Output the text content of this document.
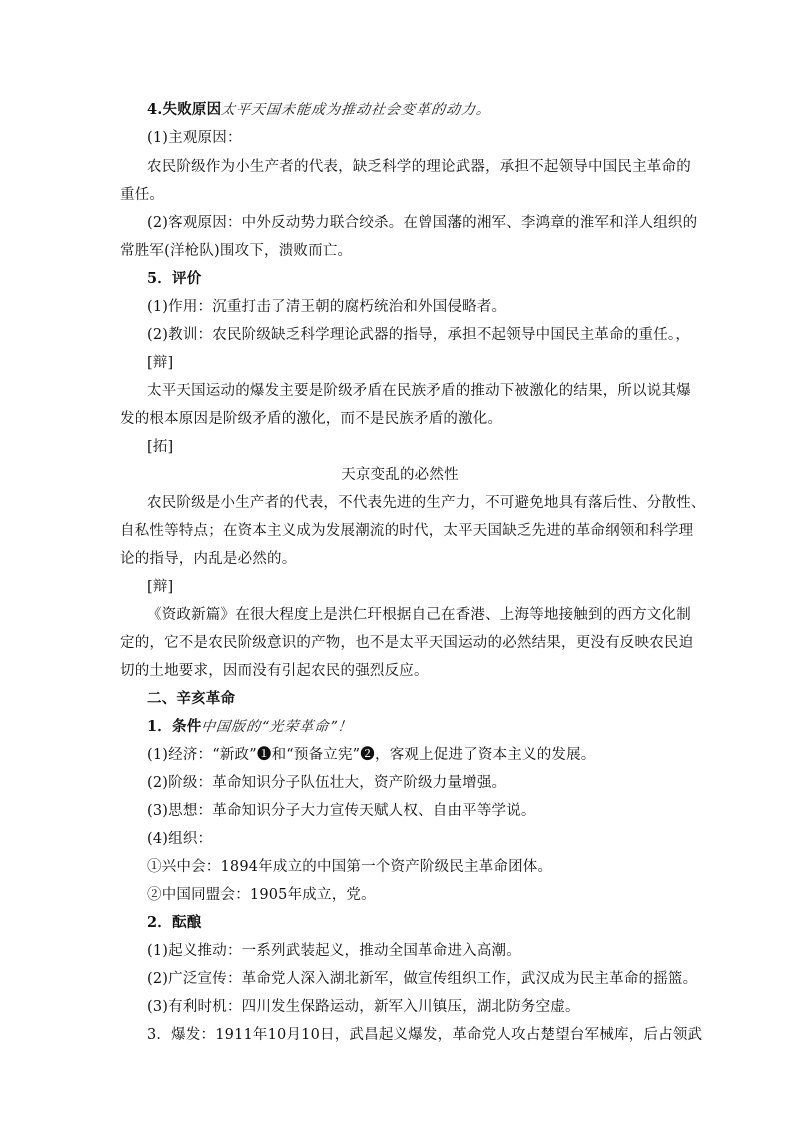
4.失败原因太平天国未能成为推动社会变革的动力。
(1)主观原因：
农民阶级作为小生产者的代表，缺乏科学的理论武器，承担不起领导中国民主革命的
重任。
(2)客观原因：中外反动势力联合绞杀。在曾国藩的湘军、李鸿章的淮军和洋人组织的
常胜军(洋枪队)围攻下，溃败而亡。
5．评价
(1)作用：沉重打击了清王朝的腐朽统治和外国侵略者。
(2)教训：农民阶级缺乏科学理论武器的指导，承担不起领导中国民主革命的重任。，
[辩]
太平天国运动的爆发主要是阶级矛盾在民族矛盾的推动下被激化的结果，所以说其爆
发的根本原因是阶级矛盾的激化，而不是民族矛盾的激化。
[拓]
天京变乱的必然性
农民阶级是小生产者的代表，不代表先进的生产力，不可避免地具有落后性、分散性、
自私性等特点；在资本主义成为发展潮流的时代，太平天国缺乏先进的革命纲领和科学理
论的指导，内乱是必然的。
[辩]
《资政新篇》在很大程度上是洪仁玕根据自己在香港、上海等地接触到的西方文化制
定的，它不是农民阶级意识的产物，也不是太平天国运动的必然结果，更没有反映农民迫
切的土地要求，因而没有引起农民的强烈反应。
二、辛亥革命
1．条件中国版的“光荣革命”！
(1)经济：“新政”❶和“预备立宪”❷，客观上促进了资本主义的发展。
(2)阶级：革命知识分子队伍壮大，资产阶级力量增强。
(3)思想：革命知识分子大力宣传天赋人权、自由平等学说。
(4)组织：
①兴中会：1894年成立的中国第一个资产阶级民主革命团体。
②中国同盟会：1905年成立，党。
2．酝酿
(1)起义推动：一系列武装起义，推动全国革命进入高潮。
(2)广泛宣传：革命党人深入湖北新军，做宣传组织工作，武汉成为民主革命的摇篮。
(3)有利时机：四川发生保路运动，新军入川镇压，湖北防务空虚。
3．爆发：1911年10月10日，武昌起义爆发，革命党人攻占楚望台军械库，后占领武
